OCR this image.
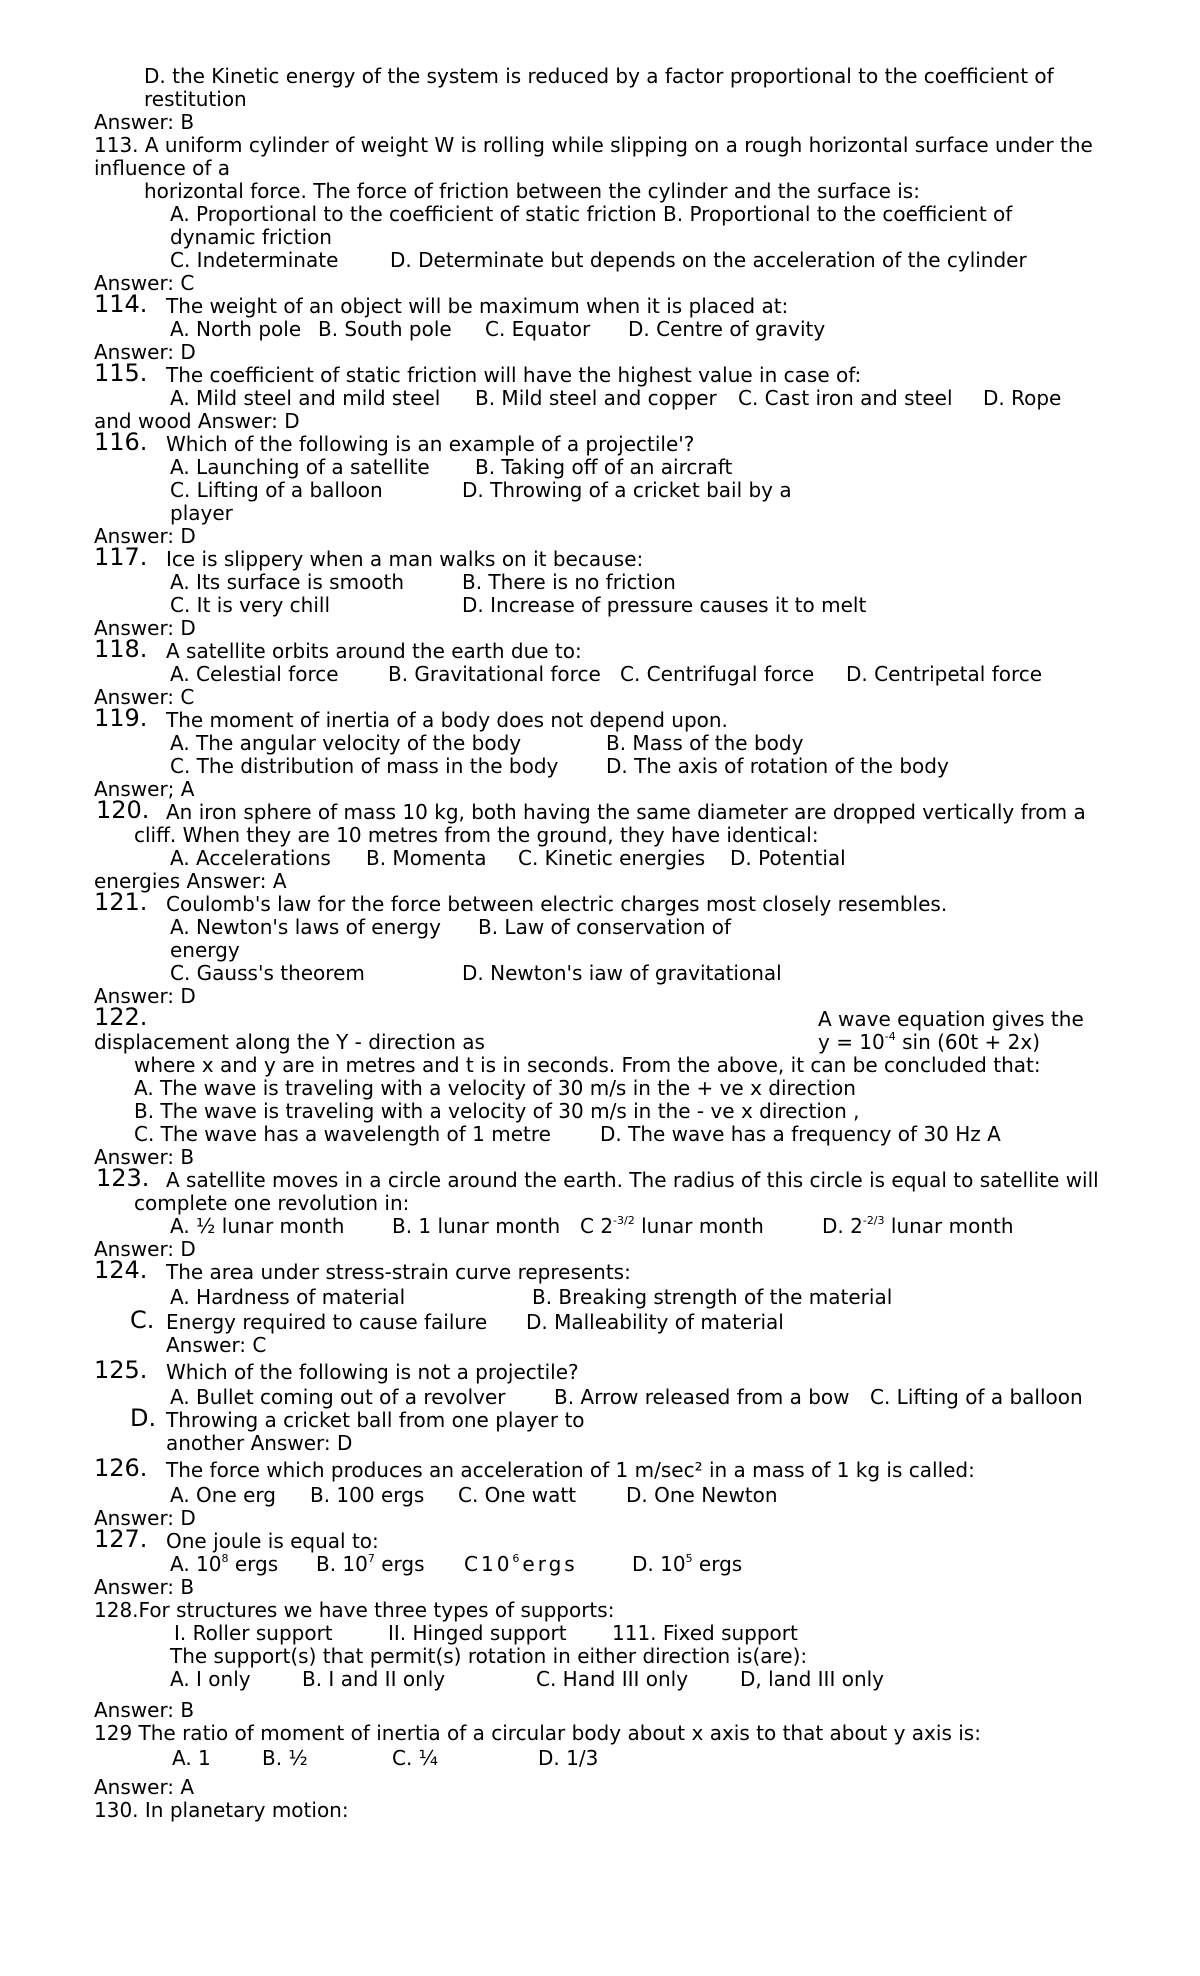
D. the Kinetic energy of the system is reduced by a factor proportional to the coefficient of
restitution
Answer: B
113. A uniform cylinder of weight W is rolling while slipping on a rough horizontal surface under the
influence of a
horizontal force. The force of friction between the cylinder and the surface is:
A. Proportional to the coefficient of static friction B. Proportional to the coefficient of
dynamic friction
C. Indeterminate	D. Determinate but depends on the acceleration of the cylinder
Answer: C
114. The weight of an object will be maximum when it is placed at:
A. North pole B. South pole C. Equator D. Centre of gravity
Answer: D
115. The coefficient of static friction will have the highest value in case of:
A. Mild steel and mild steel B. Mild steel and copper C. Cast iron and steel D. Rope
and wood Answer: D
116. Which of the following is an example of a projectile'?
A. Launching of a satellite B. Taking off of an aircraft
C. Lifting of a balloon	D. Throwing of a cricket bail by a
player
Answer: D
117. Ice is slippery when a man walks on it because:
A. Its surface is smooth	B. There is no friction
C. It is very chill	D. Increase of pressure causes it to melt
Answer: D
118. A satellite orbits around the earth due to:
A. Celestial force B. Gravitational force C. Centrifugal force D. Centripetal force
Answer: C
119. The moment of inertia of a body does not depend upon.
A. The angular velocity of the body	B. Mass of the body
C. The distribution of mass in the body D. The axis of rotation of the body
Answer; A
120. An iron sphere of mass 10 kg, both having the same diameter are dropped vertically from a
cliff. When they are 10 metres from the ground, they have identical:
A. Accelerations B. Momenta C. Kinetic energies D. Potential
energies Answer: A
121. Coulomb's law for the force between electric charges most closely resembles.
A. Newton's laws of energy B. Law of conservation of
energy
C. Gauss's theorem	D. Newton's iaw of gravitational
Answer: D
122.	A wave equation gives the
displacement along the Y - direction as	$y = 10^{-4}$ sin (60t + 2x)
where x and y are in metres and t is in seconds. From the above, it can be concluded that:
A. The wave is traveling with a velocity of 30 m/s in the + ve x direction
B. The wave is traveling with a velocity of 30 m/s in the - ve x direction ,
C. The wave has a wavelength of 1 metre D. The wave has a frequency of 30 Hz A
Answer: B
123. A satellite moves in a circle around the earth. The radius of this circle is equal to satellite will
complete one revolution in:
A. ½ lunar month B. 1 lunar month C $2^{-3/2}$ lunar month	D. $2^{-2/3}$ lunar month
Answer: D
124. The area under stress-strain curve represents:
A. Hardness of material	B. Breaking strength of the material
C. Energy required to cause failure D. Malleability of material
Answer: C
125. Which of the following is not a projectile?
A. Bullet coming out of a revolver B. Arrow released from a bow C. Lifting of a balloon
D. Throwing a cricket ball from one player to
another Answer: D
126. The force which produces an acceleration of 1 m/sec² in a mass of 1 kg is called:
A. One erg B. 100 ergs C. One watt D. One Newton
Answer: D
127. One joule is equal to:
A. $10^8$ ergs B. $10^7$ ergs $C10^6ergs$	D. $10^5$ ergs
Answer: B
128.For structures we have three types of supports:
I. Roller support	II. Hinged support 111. Fixed support
The support(s) that permit(s) rotation in either direction is(are):
A. I only	B. I and II only	C. Hand III only	D, land III only
Answer: B
129 The ratio of moment of inertia of a circular body about x axis to that about y axis is:
A. 1	B. ½	C. ¼	D. 1/3
Answer: A
130. In planetary motion:
